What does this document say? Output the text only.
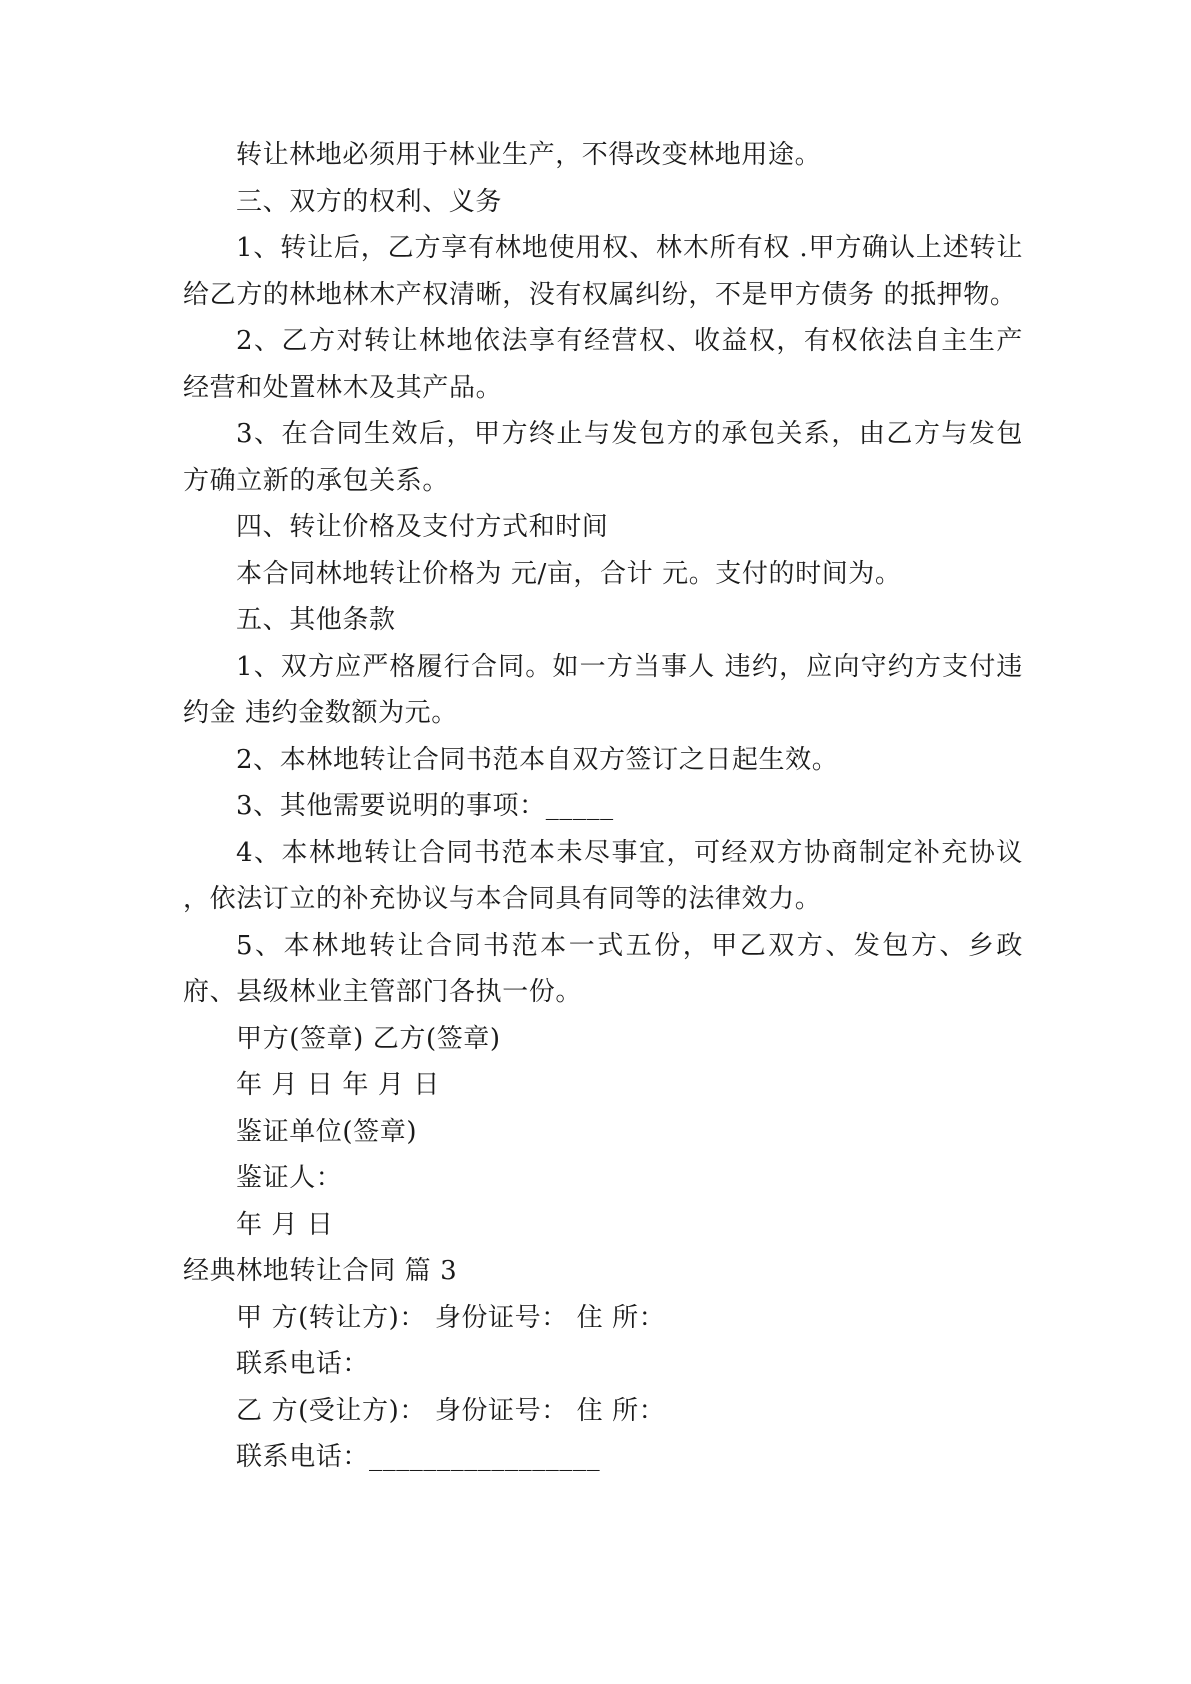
转让林地必须用于林业生产，不得改变林地用途。

三、双方的权利、义务

1、转让后，乙方享有林地使用权、林木所有权 .甲方确认上述转让给乙方的林地林木产权清晰，没有权属纠纷，不是甲方债务 的抵押物。

2、乙方对转让林地依法享有经营权、收益权，有权依法自主生产经营和处置林木及其产品。

3、在合同生效后，甲方终止与发包方的承包关系，由乙方与发包方确立新的承包关系。

四、转让价格及支付方式和时间

本合同林地转让价格为 元/亩，合计 元。支付的时间为。

五、其他条款

1、双方应严格履行合同。如一方当事人 违约，应向守约方支付违约金 违约金数额为元。

2、本林地转让合同书范本自双方签订之日起生效。

3、其他需要说明的事项：_____

4、本林地转让合同书范本未尽事宜，可经双方协商制定补充协议 ，依法订立的补充协议与本合同具有同等的法律效力。

5、本林地转让合同书范本一式五份，甲乙双方、发包方、乡政府、县级林业主管部门各执一份。

甲方(签章) 乙方(签章)

年 月 日 年 月 日

鉴证单位(签章)

鉴证人：

年 月 日

经典林地转让合同 篇 3

甲 方(转让方)： 身份证号： 住 所：

联系电话：

乙 方(受让方)： 身份证号： 住 所：

联系电话：_________________
